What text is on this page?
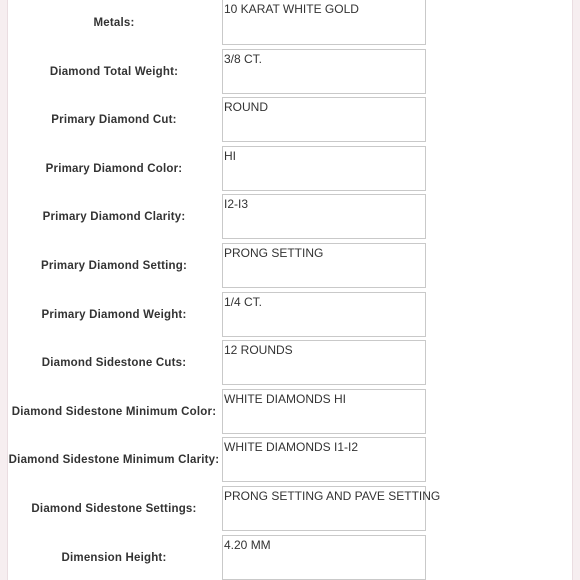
Metals:
10 KARAT WHITE GOLD
Diamond Total Weight:
3/8 CT.
Primary Diamond Cut:
ROUND
Primary Diamond Color:
HI
Primary Diamond Clarity:
I2-I3
Primary Diamond Setting:
PRONG SETTING
Primary Diamond Weight:
1/4 CT.
Diamond Sidestone Cuts:
12 ROUNDS
Diamond Sidestone Minimum Color:
WHITE DIAMONDS HI
Diamond Sidestone Minimum Clarity:
WHITE DIAMONDS I1-I2
Diamond Sidestone Settings:
PRONG SETTING AND PAVE SETTING
Dimension Height:
4.20 MM
